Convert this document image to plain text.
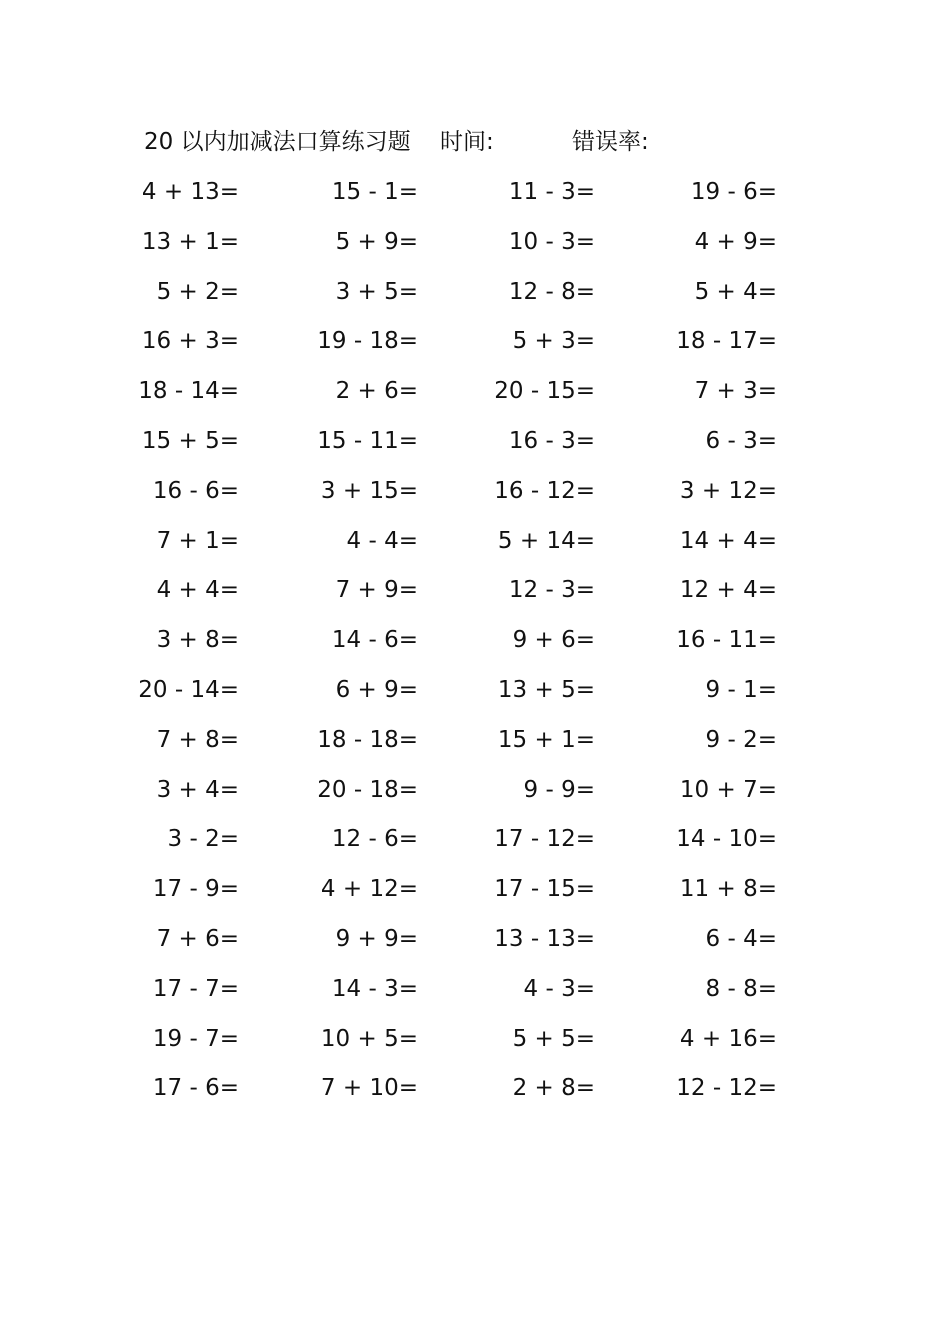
20 以内加减法口算练习题 时间:	错误率:
4 + 13=	15 - 1=	11 - 3=	19 - 6=
13 + 1=	5 + 9=	10 - 3=	4 + 9=
5 + 2=	3 + 5=	12 - 8=	5 + 4=
16 + 3=	19 - 18=	5 + 3=	18 - 17=
18 - 14=	2 + 6=	20 - 15=	7 + 3=
15 + 5=	15 - 11=	16 - 3=	6 - 3=
16 - 6=	3 + 15=	16 - 12=	3 + 12=
7 + 1=	4 - 4=	5 + 14=	14 + 4=
4 + 4=	7 + 9=	12 - 3=	12 + 4=
3 + 8=	14 - 6=	9 + 6=	16 - 11=
20 - 14=	6 + 9=	13 + 5=	9 - 1=
7 + 8=	18 - 18=	15 + 1=	9 - 2=
3 + 4=	20 - 18=	9 - 9=	10 + 7=
3 - 2=	12 - 6=	17 - 12=	14 - 10=
17 - 9=	4 + 12=	17 - 15=	11 + 8=
7 + 6=	9 + 9=	13 - 13=	6 - 4=
17 - 7=	14 - 3=	4 - 3=	8 - 8=
19 - 7=	10 + 5=	5 + 5=	4 + 16=
17 - 6=	7 + 10=	2 + 8=	12 - 12=
